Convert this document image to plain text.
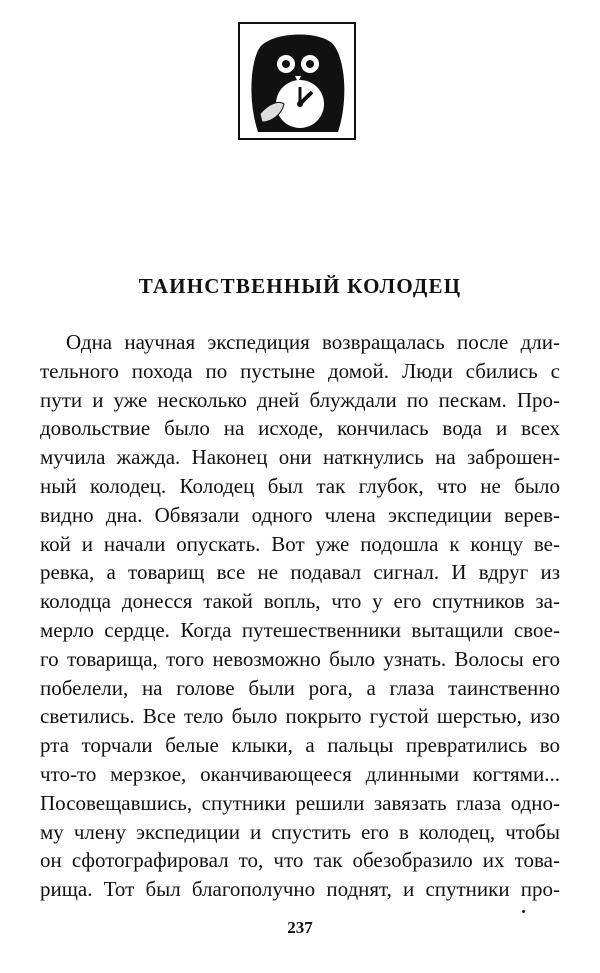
ТАИНСТВЕННЫЙ КОЛОДЕЦ
Одна научная экспедиция возвращалась после дли-
тельного похода по пустыне домой. Люди сбились с
пути и уже несколько дней блуждали по пескам. Про-
довольствие было на исходе, кончилась вода и всех
мучила жажда. Наконец они наткнулись на заброшен-
ный колодец. Колодец был так глубок, что не было
видно дна. Обвязали одного члена экспедиции верев-
кой и начали опускать. Вот уже подошла к концу ве-
ревка, а товарищ все не подавал сигнал. И вдруг из
колодца донесся такой вопль, что у его спутников за-
мерло сердце. Когда путешественники вытащили свое-
го товарища, того невозможно было узнать. Волосы его
побелели, на голове были рога, а глаза таинственно
светились. Все тело было покрыто густой шерстью, изо
рта торчали белые клыки, а пальцы превратились во
что-то мерзкое, оканчивающееся длинными когтями...
Посовещавшись, спутники решили завязать глаза одно-
му члену экспедиции и спустить его в колодец, чтобы
он сфотографировал то, что так обезобразило их това-
рища. Тот был благополучно поднят, и спутники про-
237
